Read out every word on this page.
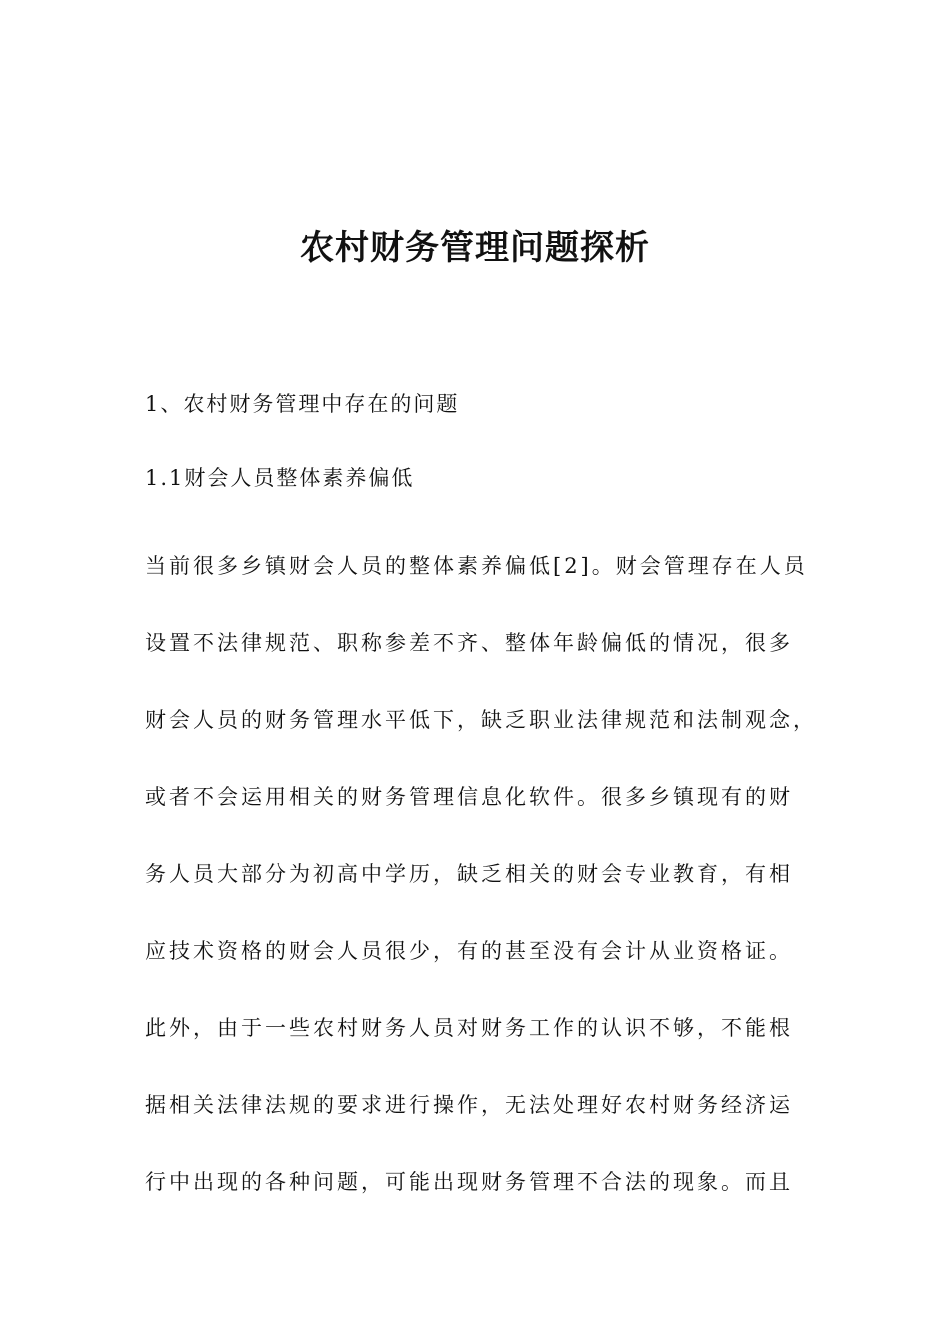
农村财务管理问题探析

1、农村财务管理中存在的问题

1.1财会人员整体素养偏低

当前很多乡镇财会人员的整体素养偏低[2]。财会管理存在人员
设置不法律规范、职称参差不齐、整体年龄偏低的情况，很多
财会人员的财务管理水平低下，缺乏职业法律规范和法制观念，
或者不会运用相关的财务管理信息化软件。很多乡镇现有的财
务人员大部分为初高中学历，缺乏相关的财会专业教育，有相
应技术资格的财会人员很少，有的甚至没有会计从业资格证。
此外，由于一些农村财务人员对财务工作的认识不够，不能根
据相关法律法规的要求进行操作，无法处理好农村财务经济运
行中出现的各种问题，可能出现财务管理不合法的现象。而且
